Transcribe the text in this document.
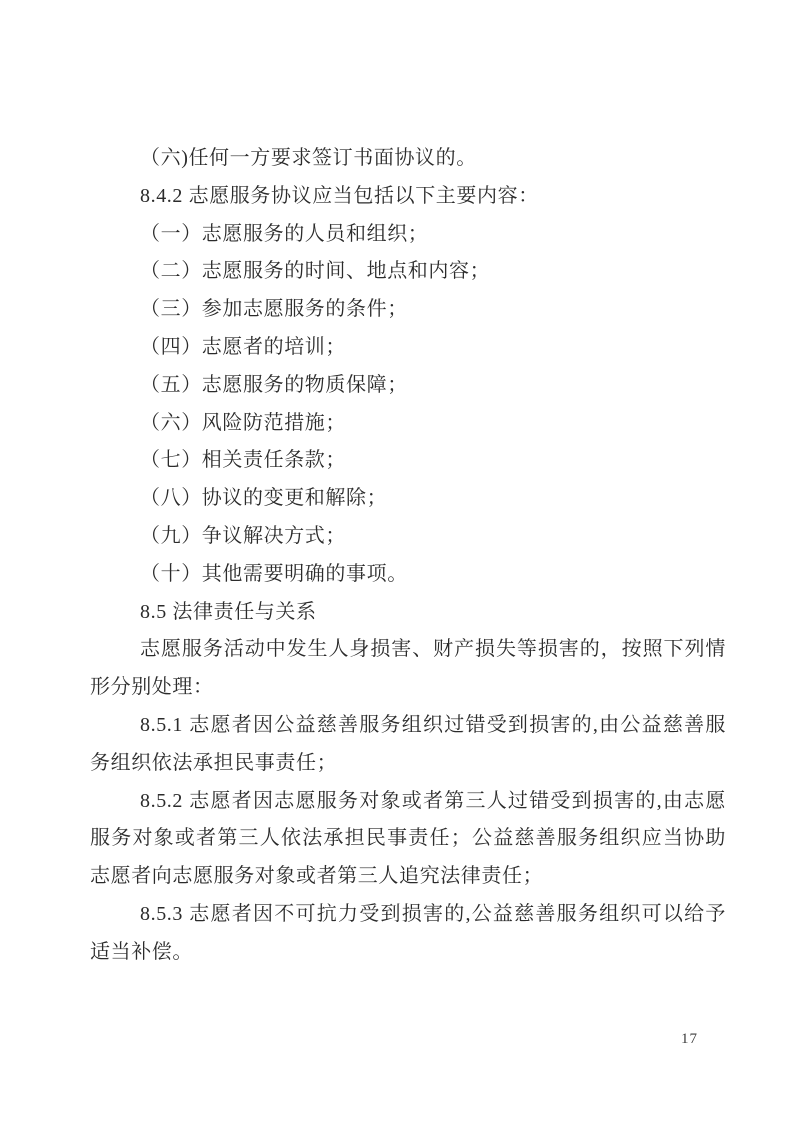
（六)任何一方要求签订书面协议的。

8.4.2 志愿服务协议应当包括以下主要内容：

（一）志愿服务的人员和组织；

（二）志愿服务的时间、地点和内容；

（三）参加志愿服务的条件；

（四）志愿者的培训；

（五）志愿服务的物质保障；

（六）风险防范措施；

（七）相关责任条款；

（八）协议的变更和解除；

（九）争议解决方式；

（十）其他需要明确的事项。

8.5 法律责任与关系

志愿服务活动中发生人身损害、财产损失等损害的，按照下列情形分别处理：

8.5.1 志愿者因公益慈善服务组织过错受到损害的,由公益慈善服务组织依法承担民事责任；

8.5.2 志愿者因志愿服务对象或者第三人过错受到损害的,由志愿服务对象或者第三人依法承担民事责任；公益慈善服务组织应当协助志愿者向志愿服务对象或者第三人追究法律责任；

8.5.3 志愿者因不可抗力受到损害的,公益慈善服务组织可以给予适当补偿。

17
